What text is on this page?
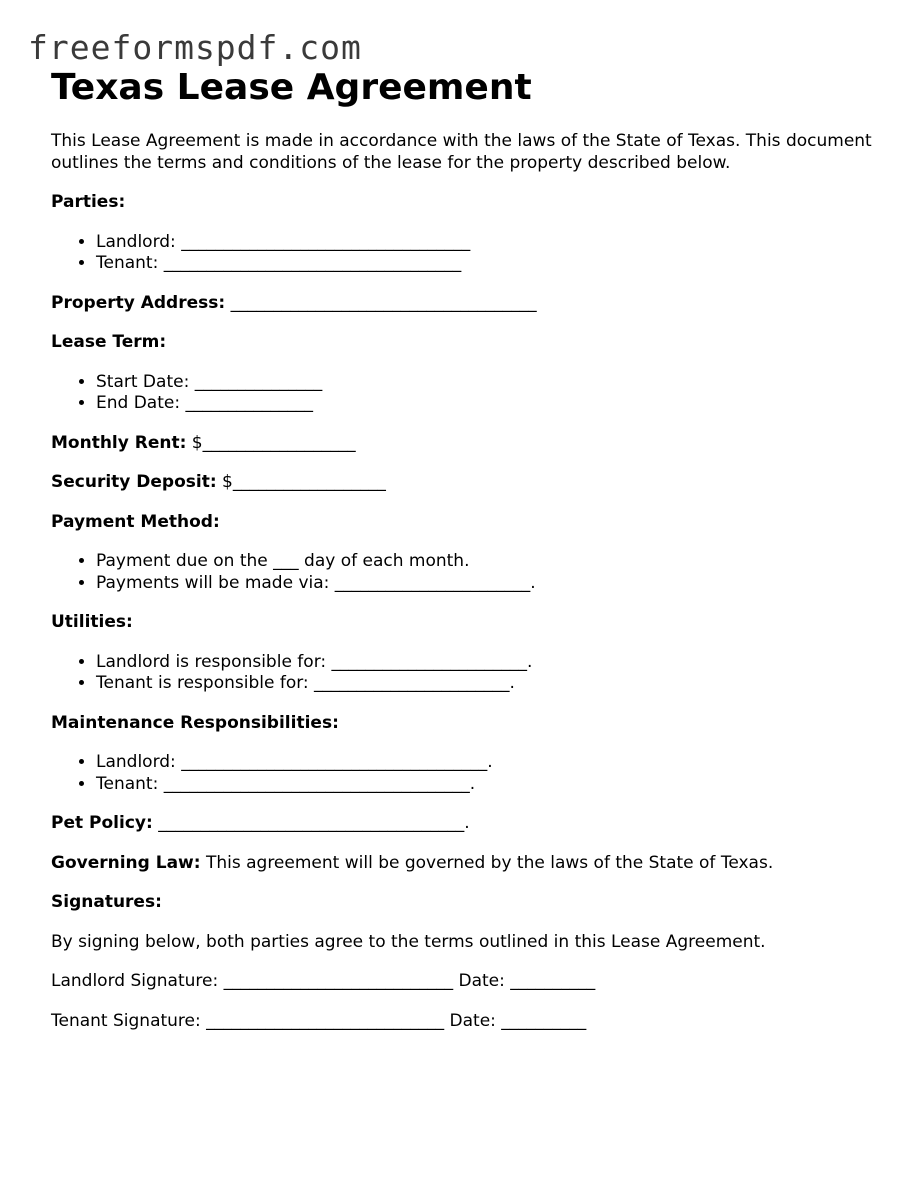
freeformspdf.com
Texas Lease Agreement

This Lease Agreement is made in accordance with the laws of the State of Texas. This document outlines the terms and conditions of the lease for the property described below.

Parties:

• Landlord: __________________________________
• Tenant: ___________________________________

Property Address: ____________________________________

Lease Term:

• Start Date: _______________
• End Date: _______________

Monthly Rent: $__________________

Security Deposit: $__________________

Payment Method:

• Payment due on the ___ day of each month.
• Payments will be made via: _______________________.

Utilities:

• Landlord is responsible for: _______________________.
• Tenant is responsible for: _______________________.

Maintenance Responsibilities:

• Landlord: ____________________________________.
• Tenant: ____________________________________.

Pet Policy: ____________________________________.

Governing Law: This agreement will be governed by the laws of the State of Texas.

Signatures:

By signing below, both parties agree to the terms outlined in this Lease Agreement.

Landlord Signature: ___________________________ Date: __________

Tenant Signature: ____________________________ Date: __________
